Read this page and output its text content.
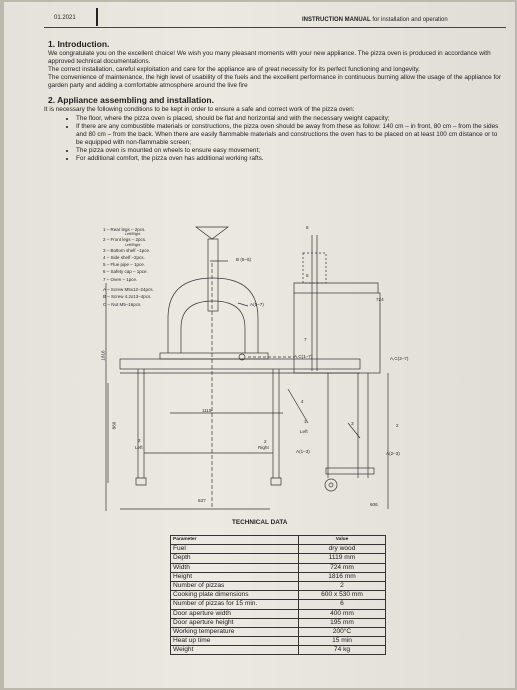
01.2021	INSTRUCTION MANUAL for installation and operation
1. Introduction.

We congratulate you on the excellent choice! We wish you many pleasant moments with your new appliance. The pizza oven is produced in accordance with approved technical documentations.

The correct installation, careful exploitation and care for the appliance are of great necessity for its perfect functioning and longevity.

The convenience of maintenance, the high level of usability of the fuels and the excellent performance in continuous burning allow the usage of the appliance for garden party and adding a comfortable atmosphere around the live fire

2. Appliance assembling and installation.

It is necessary the following conditions to be kept in order to ensure a safe and correct work of the pizza oven:

• The floor, where the pizza oven is placed, should be flat and horizontal and with the necessary weight capacity;
• If there are any combustible materials or constructions, the pizza oven should be away from these as follow: 140 cm – in front, 80 cm – from the sides and 80 cm – from the back. When there are easily flammable materials and constructions the oven has to be placed on at least 100 cm distance or to be equipped with non-flammable screen;
• The pizza oven is mounted on wheels to ensure easy movement;
• For additional comfort, the pizza oven has additional working rafts.
1 – Rear legs – 2pcs.
Left/Right
2 – Front legs – 2pcs.
Left/Right
3 – Bottom shelf –1pce.
4 – Side shelf –2pcs.
5 – Flue pipe – 1pce.
6 – Safety cap – 1pce.
7 – Oven – 1pce.
A – Screw M5x12–24pcs.
B – Screw 4.2x13–4pcs.
C – Nut M5–16pcs.
B (5–6)
A(5–7)
A,C(1–7)	A,C(2–7)
A(1–3)	A(2–3)
6
5
7
4
3
2	2
2
1
Left
Left
Right
724
1119
1816
860
637
606
TECHNICAL DATA
Parameter	Value
Fuel	dry wood
Depth	1119 mm
Width	724 mm
Height	1816 mm
Number of pizzas	2
Cooking plate dimensions	600 x 530 mm
Number of pizzas for 15 min.	6
Door aperture width	400 mm
Door aperture height	195 mm
Working temperature	200°C
Heat up time	15 min
Weight	74 kg
